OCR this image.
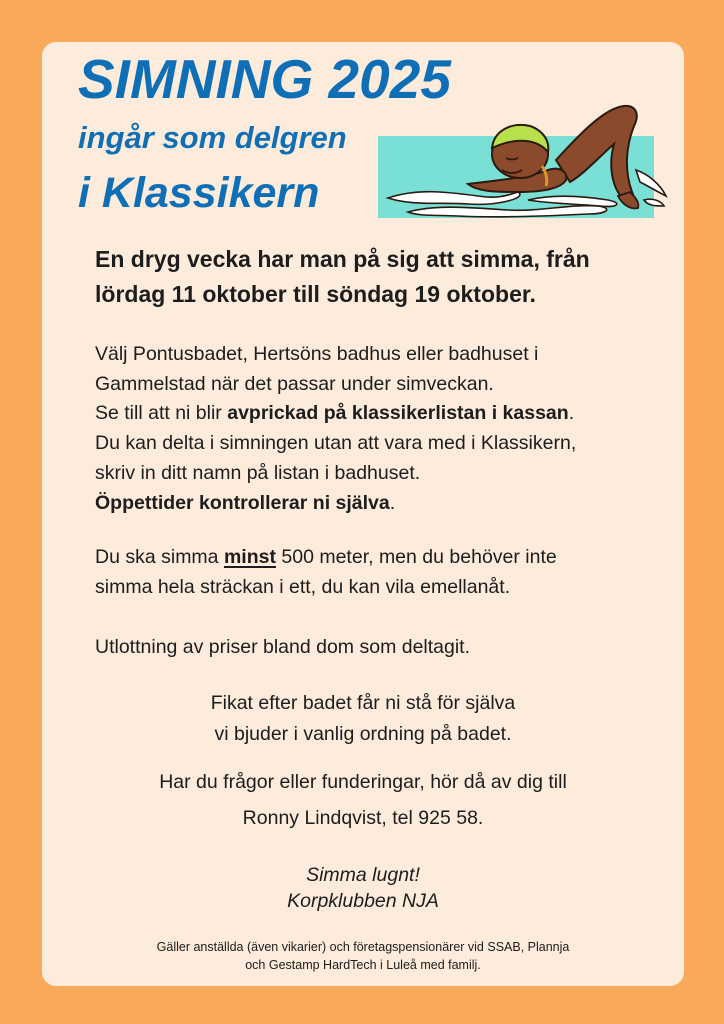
SIMNING 2025

ingår som delgren

i Klassikern

En dryg vecka har man på sig att simma, från
lördag 11 oktober till söndag 19 oktober.

Välj Pontusbadet, Hertsöns badhus eller badhuset i
Gammelstad när det passar under simveckan.
Se till att ni blir avprickad på klassikerlistan i kassan.
Du kan delta i simningen utan att vara med i Klassikern,
skriv in ditt namn på listan i badhuset.
Öppettider kontrollerar ni själva.

Du ska simma minst 500 meter, men du behöver inte
simma hela sträckan i ett, du kan vila emellanåt.

Utlottning av priser bland dom som deltagit.

Fikat efter badet får ni stå för själva
vi bjuder i vanlig ordning på badet.

Har du frågor eller funderingar, hör då av dig till

Ronny Lindqvist, tel 925 58.

Simma lugnt!
Korpklubben NJA

Gäller anställda (även vikarier) och företagspensionärer vid SSAB, Plannja
och Gestamp HardTech i Luleå med familj.
